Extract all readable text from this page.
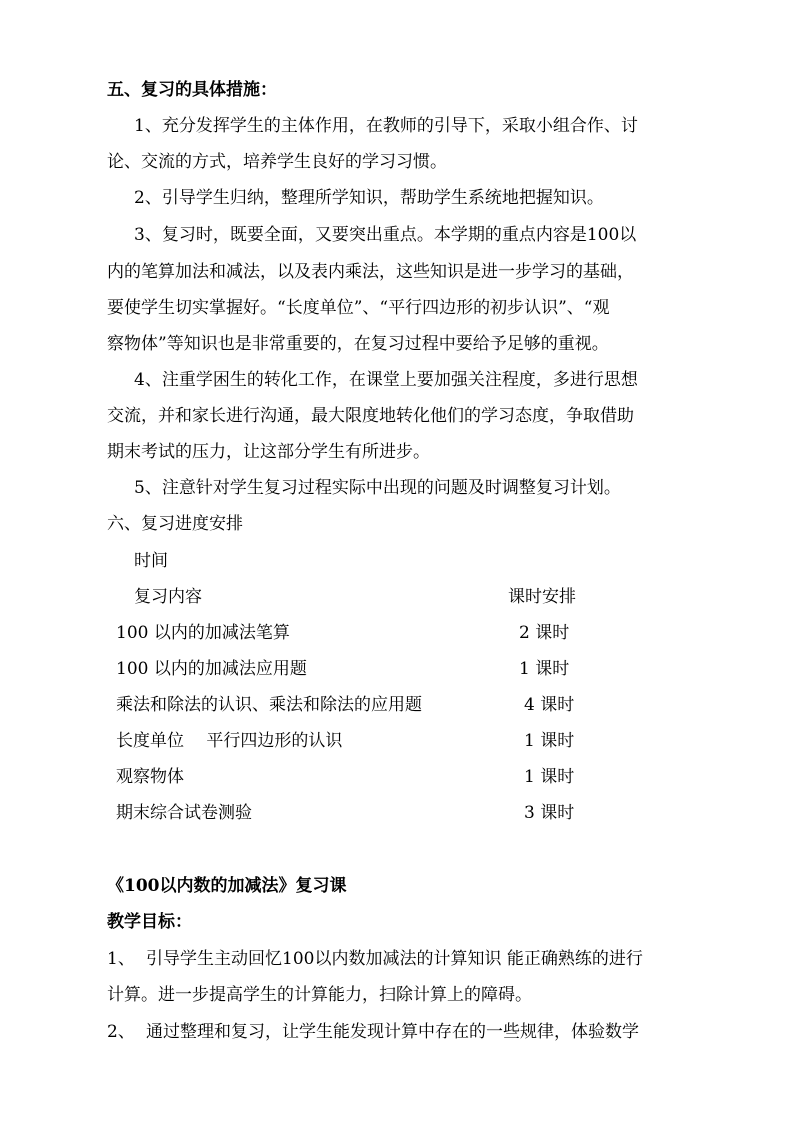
五、复习的具体措施：
1、充分发挥学生的主体作用，在教师的引导下，采取小组合作、讨
论、交流的方式，培养学生良好的学习习惯。
2、引导学生归纳，整理所学知识，帮助学生系统地把握知识。
3、复习时，既要全面，又要突出重点。本学期的重点内容是100以
内的笔算加法和减法，以及表内乘法，这些知识是进一步学习的基础，
要使学生切实掌握好。“长度单位”、“平行四边形的初步认识”、“观
察物体”等知识也是非常重要的，在复习过程中要给予足够的重视。
4、注重学困生的转化工作，在课堂上要加强关注程度，多进行思想
交流，并和家长进行沟通，最大限度地转化他们的学习态度，争取借助
期末考试的压力，让这部分学生有所进步。
5、注意针对学生复习过程实际中出现的问题及时调整复习计划。
六、复习进度安排
时间
复习内容	课时安排
100 以内的加减法笔算	2 课时
100 以内的加减法应用题	1 课时
乘法和除法的认识、乘法和除法的应用题	4 课时
长度单位　 平行四边形的认识	1 课时
观察物体	1 课时
期末综合试卷测验	3 课时
《100以内数的加减法》复习课
教学目标：
1、 引导学生主动回忆100以内数加减法的计算知识 能正确熟练的进行
计算。进一步提高学生的计算能力，扫除计算上的障碍。
2、 通过整理和复习，让学生能发现计算中存在的一些规律，体验数学
